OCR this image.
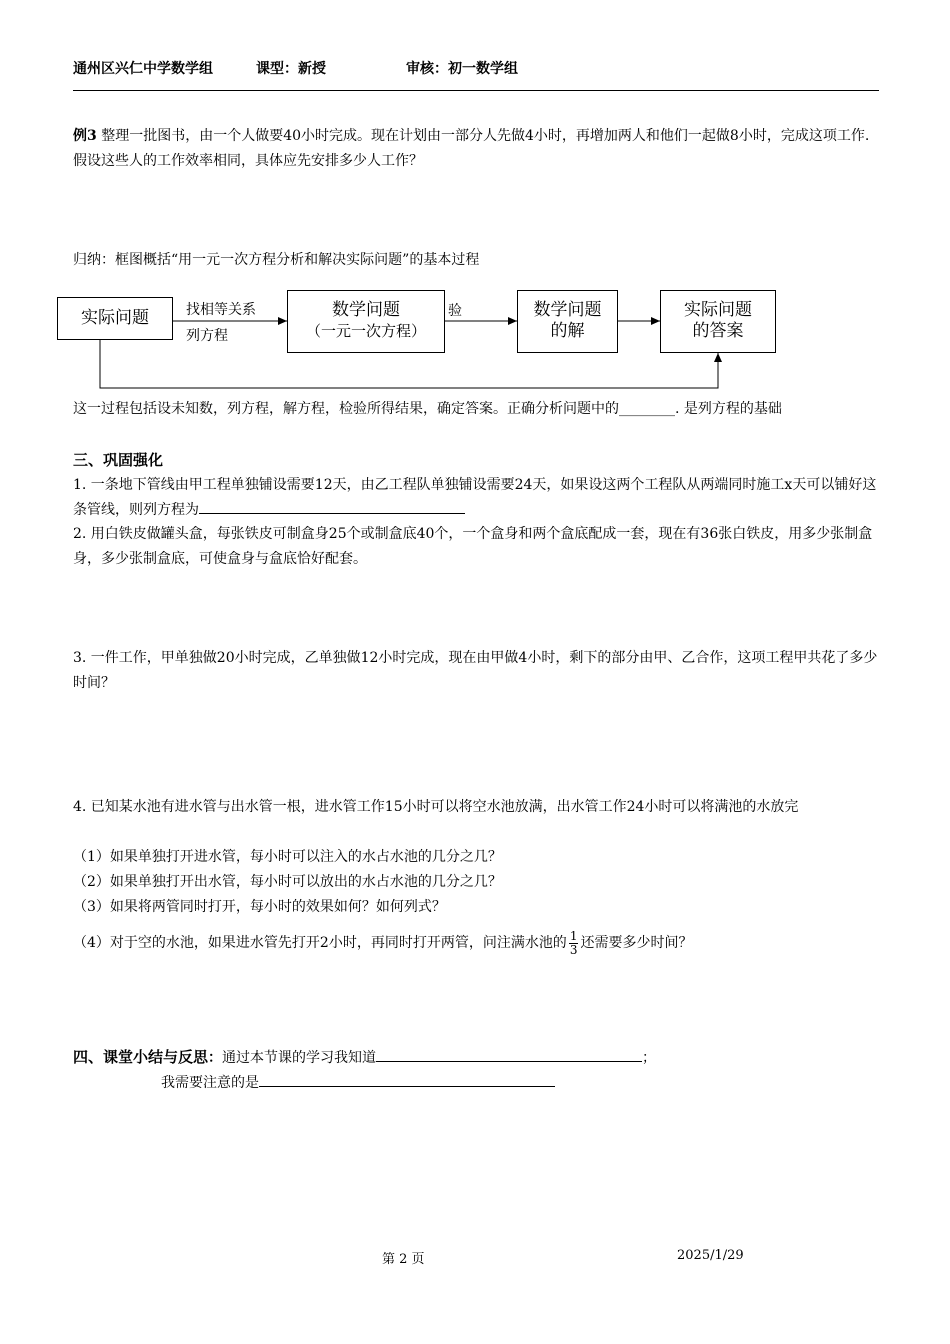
通州区兴仁中学数学组	课型：新授	审核：初一数学组
例3 整理一批图书，由一个人做要40小时完成。现在计划由一部分人先做4小时，再增加两人和他们一起做8小时，完成这项工作. 假设这些人的工作效率相同，具体应先安排多少人工作？
归纳：框图概括“用一元一次方程分析和解决实际问题”的基本过程
实际问题	找相等关系
列方程
数学问题
（一元一次方程）
验	数学问题
的解
实际问题
的答案
这一过程包括设未知数，列方程，解方程，检验所得结果，确定答案。正确分析问题中的________. 是列方程的基础
三、巩固强化
1. 一条地下管线由甲工程单独铺设需要12天，由乙工程队单独铺设需要24天，如果设这两个工程队从两端同时施工x天可以铺好这条管线，则列方程为
2. 用白铁皮做罐头盒，每张铁皮可制盒身25个或制盒底40个，一个盒身和两个盒底配成一套，现在有36张白铁皮，用多少张制盒身，多少张制盒底，可使盒身与盒底恰好配套。
3. 一件工作，甲单独做20小时完成，乙单独做12小时完成，现在由甲做4小时，剩下的部分由甲、乙合作，这项工程甲共花了多少时间？
4. 已知某水池有进水管与出水管一根，进水管工作15小时可以将空水池放满，出水管工作24小时可以将满池的水放完
（1）如果单独打开进水管，每小时可以注入的水占水池的几分之几？
（2）如果单独打开出水管，每小时可以放出的水占水池的几分之几？
（3）如果将两管同时打开，每小时的效果如何？如何列式？
（4）对于空的水池，如果进水管先打开2小时，再同时打开两管，问注满水池的 $\frac{1}{3}$ 还需要多少时间？
四、课堂小结与反思：通过本节课的学习我知道	；
我需要注意的是
第 2 页	2025/1/29
